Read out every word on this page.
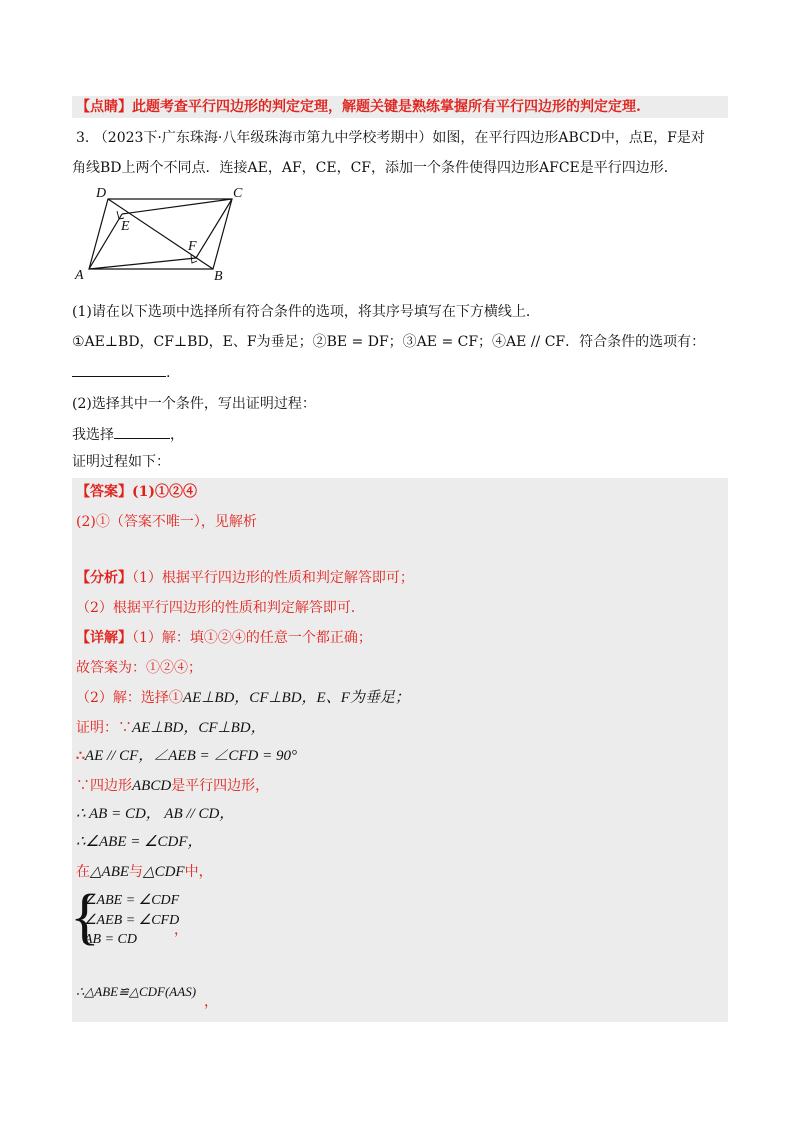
【点睛】此题考查平行四边形的判定定理，解题关键是熟练掌握所有平行四边形的判定定理.
3. （2023下·广东珠海·八年级珠海市第九中学校考期中）如图，在平行四边形ABCD中，点E，F是对
角线BD上两个不同点．连接AE，AF，CE，CF，添加一个条件使得四边形AFCE是平行四边形．
D	C
A	B
E
F
(1)请在以下选项中选择所有符合条件的选项，将其序号填写在下方横线上．
①AE⊥BD，CF⊥BD，E、F为垂足；②BE = DF；③AE = CF；④AE // CF．符合条件的选项有：
.
(2)选择其中一个条件，写出证明过程：
我选择	，
证明过程如下：
【答案】(1)①②④
(2)①（答案不唯一），见解析
【分析】（1）根据平行四边形的性质和判定解答即可；
（2）根据平行四边形的性质和判定解答即可．
【详解】（1）解：填①②④的任意一个都正确；
故答案为：①②④；
（2）解：选择①AE⊥BD，CF⊥BD，E、F为垂足；
证明：∵AE⊥BD，CF⊥BD，
∴AE // CF，∠AEB = ∠CFD = 90°
∵四边形ABCD是平行四边形，
∴ AB = CD， AB // CD，
∴∠ABE = ∠CDF，
在△ABE与△CDF中，
{
∠ABE = ∠CDF
∠AEB = ∠CFD
AB = CD
，
∴△ABE≌△CDF(AAS)
，
